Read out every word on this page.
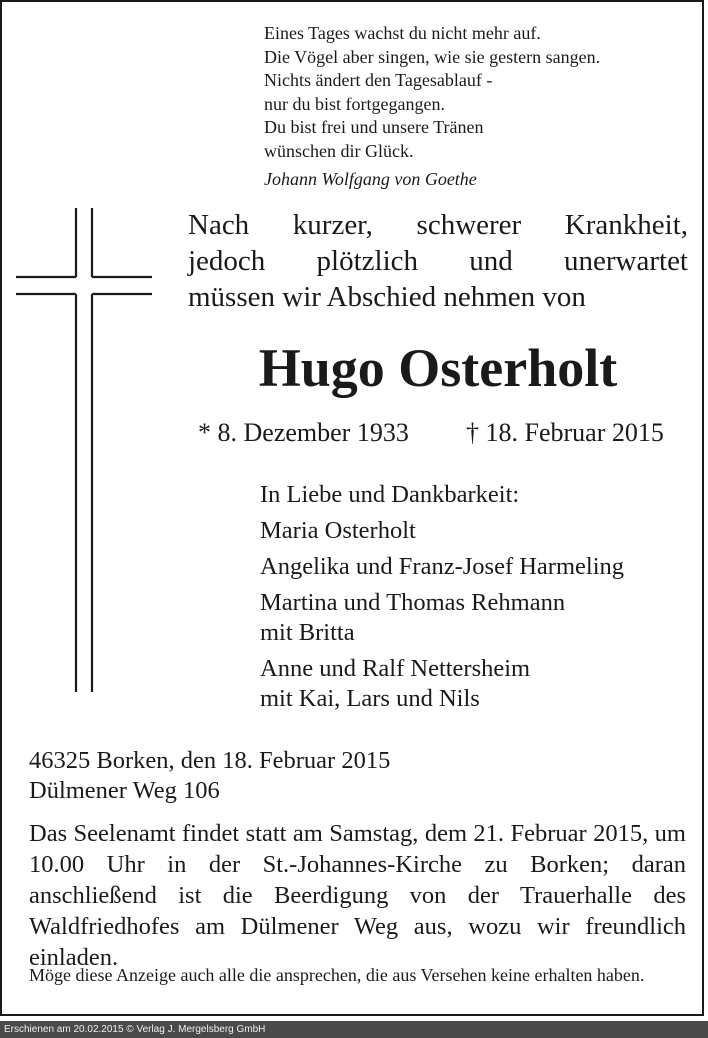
Eines Tages wachst du nicht mehr auf.
Die Vögel aber singen, wie sie gestern sangen.
Nichts ändert den Tagesablauf -
nur du bist fortgegangen.
Du bist frei und unsere Tränen
wünschen dir Glück.
Johann Wolfgang von Goethe
Nach kurzer, schwerer Krankheit,
jedoch plötzlich und unerwartet
müssen wir Abschied nehmen von
Hugo Osterholt
* 8. Dezember 1933 † 18. Februar 2015
In Liebe und Dankbarkeit:
Maria Osterholt
Angelika und Franz-Josef Harmeling
Martina und Thomas Rehmann
mit Britta
Anne und Ralf Nettersheim
mit Kai, Lars und Nils
46325 Borken, den 18. Februar 2015
Dülmener Weg 106
Das Seelenamt findet statt am Samstag, dem 21. Februar 2015, um 10.00 Uhr in der St.-Johannes-Kirche zu Borken; daran anschließend ist die Beerdigung von der Trauerhalle des Waldfriedhofes am Dülmener Weg aus, wozu wir freundlich einladen.
Möge diese Anzeige auch alle die ansprechen, die aus Versehen keine erhalten haben.
Erschienen am 20.02.2015 © Verlag J. Mergelsberg GmbH
